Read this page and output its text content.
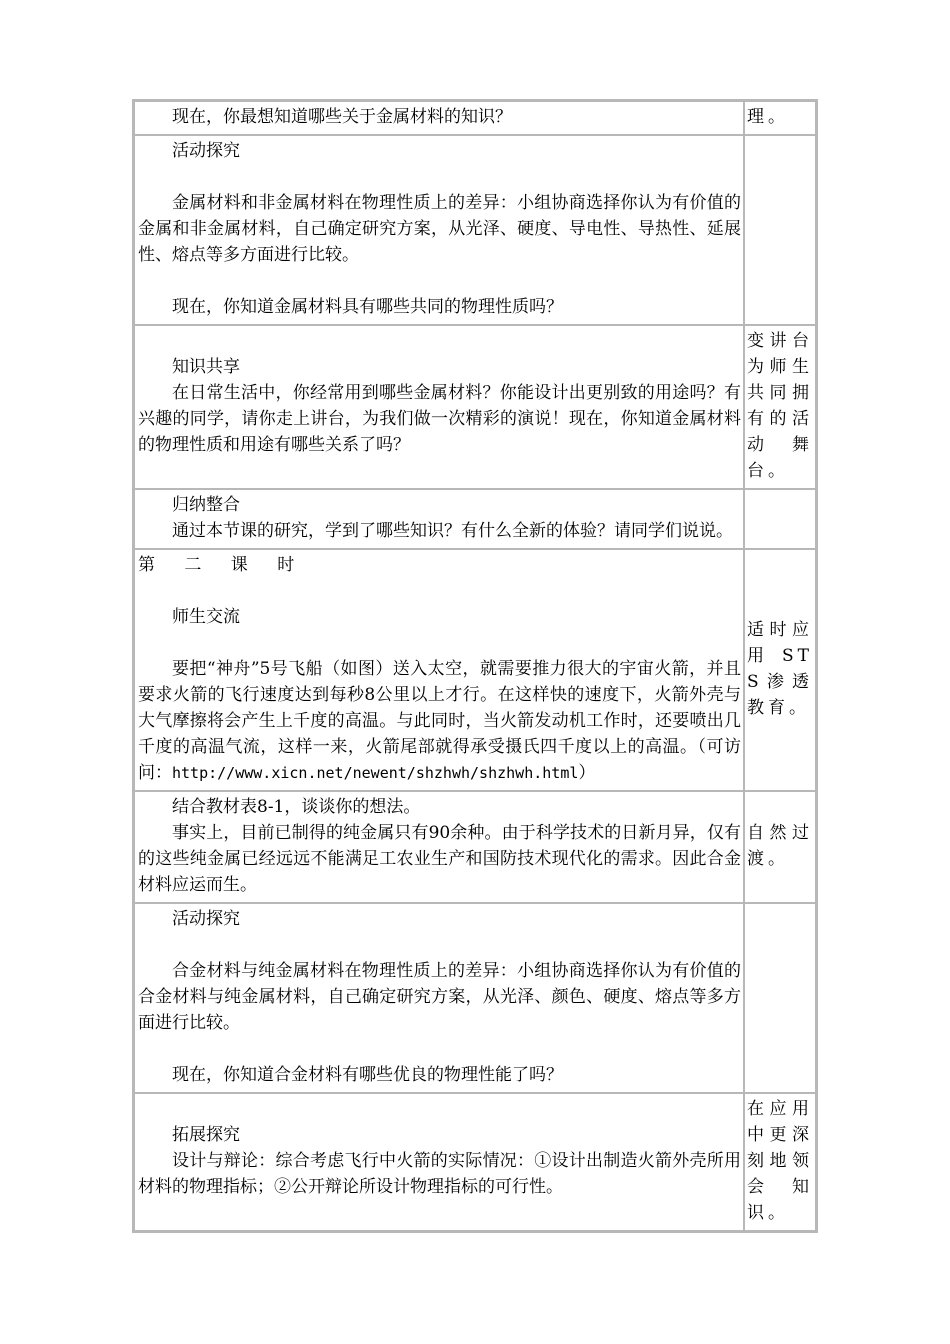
现在，你最想知道哪些关于金属材料的知识？	理。

活动探究

金属材料和非金属材料在物理性质上的差异：小组协商选择你认为有价值的金属和非金属材料，自己确定研究方案，从光泽、硬度、导电性、导热性、延展性、熔点等多方面进行比较。

现在，你知道金属材料具有哪些共同的物理性质吗？

知识共享

在日常生活中，你经常用到哪些金属材料？你能设计出更别致的用途吗？有兴趣的同学，请你走上讲台，为我们做一次精彩的演说！现在，你知道金属材料的物理性质和用途有哪些关系了吗？

变讲台为师生共同拥有的活动 舞台。

归纳整合

通过本节课的研究，学到了哪些知识？有什么全新的体验？请同学们说说。

第 二 课 时

师生交流

要把“神舟”5号飞船（如图）送入太空，就需要推力很大的宇宙火箭，并且要求火箭的飞行速度达到每秒8公里以上才行。在这样快的速度下，火箭外壳与大气摩擦将会产生上千度的高温。与此同时，当火箭发动机工作时，还要喷出几千度的高温气流，这样一来，火箭尾部就得承受摄氏四千度以上的高温。（可访问：http://www.xicn.net/newent/shzhwh/shzhwh.html）

适时应用 STS渗透教育。

结合教材表8-1，谈谈你的想法。

事实上，目前已制得的纯金属只有90余种。由于科学技术的日新月异，仅有的这些纯金属已经远远不能满足工农业生产和国防技术现代化的需求。因此合金材料应运而生。

自然过渡。

活动探究

合金材料与纯金属材料在物理性质上的差异：小组协商选择你认为有价值的合金材料与纯金属材料，自己确定研究方案，从光泽、颜色、硬度、熔点等多方面进行比较。

现在，你知道合金材料有哪些优良的物理性能了吗？

拓展探究

设计与辩论：综合考虑飞行中火箭的实际情况：①设计出制造火箭外壳所用材料的物理指标；②公开辩论所设计物理指标的可行性。

在应用中更深刻地领会 知识。
